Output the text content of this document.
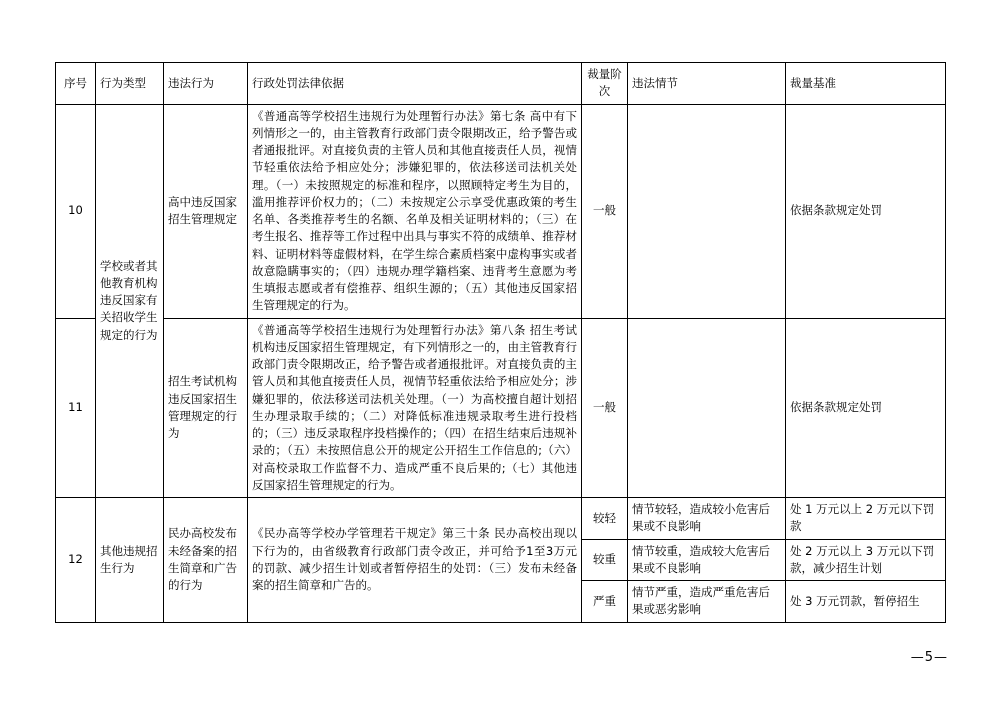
序号	行为类型	违法行为	行政处罚法律依据	裁量阶次	违法情节	裁量基准
10	学校或者其他教育机构违反国家有关招收学生规定的行为	高中违反国家招生管理规定	《普通高等学校招生违规行为处理暂行办法》第七条 高中有下列情形之一的，由主管教育行政部门责令限期改正，给予警告或者通报批评。对直接负责的主管人员和其他直接责任人员，视情节轻重依法给予相应处分；涉嫌犯罪的，依法移送司法机关处理。（一）未按照规定的标准和程序，以照顾特定考生为目的，滥用推荐评价权力的；（二）未按规定公示享受优惠政策的考生名单、各类推荐考生的名额、名单及相关证明材料的；（三）在考生报名、推荐等工作过程中出具与事实不符的成绩单、推荐材料、证明材料等虚假材料，在学生综合素质档案中虚构事实或者故意隐瞒事实的；（四）违规办理学籍档案、违背考生意愿为考生填报志愿或者有偿推荐、组织生源的；（五）其他违反国家招生管理规定的行为。	一般		依据条款规定处罚
11		招生考试机构违反国家招生管理规定的行为	《普通高等学校招生违规行为处理暂行办法》第八条 招生考试机构违反国家招生管理规定，有下列情形之一的，由主管教育行政部门责令限期改正，给予警告或者通报批评。对直接负责的主管人员和其他直接责任人员，视情节轻重依法给予相应处分；涉嫌犯罪的，依法移送司法机关处理。（一）为高校擅自超计划招生办理录取手续的；（二）对降低标准违规录取考生进行投档的；（三）违反录取程序投档操作的；（四）在招生结束后违规补录的；（五）未按照信息公开的规定公开招生工作信息的;（六）对高校录取工作监督不力、造成严重不良后果的;（七）其他违反国家招生管理规定的行为。	一般		依据条款规定处罚
12	其他违规招生行为	民办高校发布未经备案的招生简章和广告的行为	《民办高等学校办学管理若干规定》第三十条 民办高校出现以下行为的，由省级教育行政部门责令改正，并可给予1至3万元的罚款、减少招生计划或者暂停招生的处罚：（三）发布未经备案的招生简章和广告的。	较轻	情节较轻，造成较小危害后果或不良影响	处 1 万元以上 2 万元以下罚款
				较重	情节较重，造成较大危害后果或不良影响	处 2 万元以上 3 万元以下罚款，减少招生计划
				严重	情节严重，造成严重危害后果或恶劣影响	处 3 万元罚款，暂停招生
—5—
